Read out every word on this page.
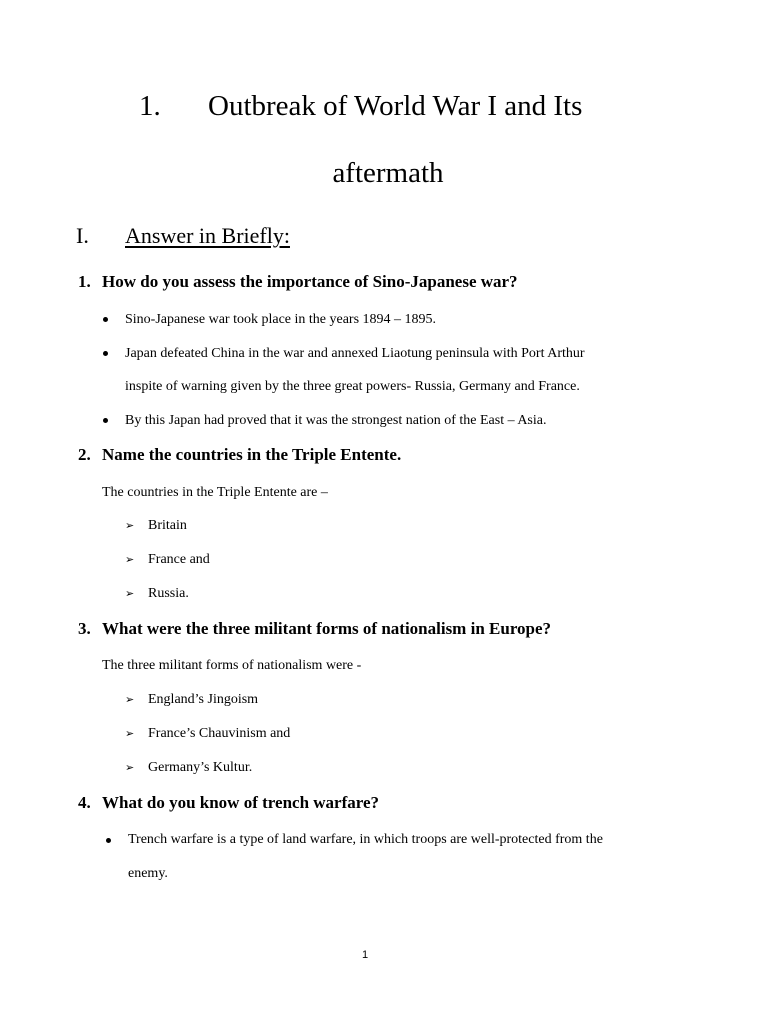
1. Outbreak of World War I and Its
aftermath
I. Answer in Briefly:
1. How do you assess the importance of Sino-Japanese war?
Sino-Japanese war took place in the years 1894 – 1895.
Japan defeated China in the war and annexed Liaotung peninsula with Port Arthur
inspite of warning given by the three great powers- Russia, Germany and France.
By this Japan had proved that it was the strongest nation of the East – Asia.
2. Name the countries in the Triple Entente.
The countries in the Triple Entente are –
➢ Britain
➢ France and
➢ Russia.
3. What were the three militant forms of nationalism in Europe?
The three militant forms of nationalism were -
➢ England’s Jingoism
➢ France’s Chauvinism and
➢ Germany’s Kultur.
4. What do you know of trench warfare?
Trench warfare is a type of land warfare, in which troops are well-protected from the
enemy.
1
